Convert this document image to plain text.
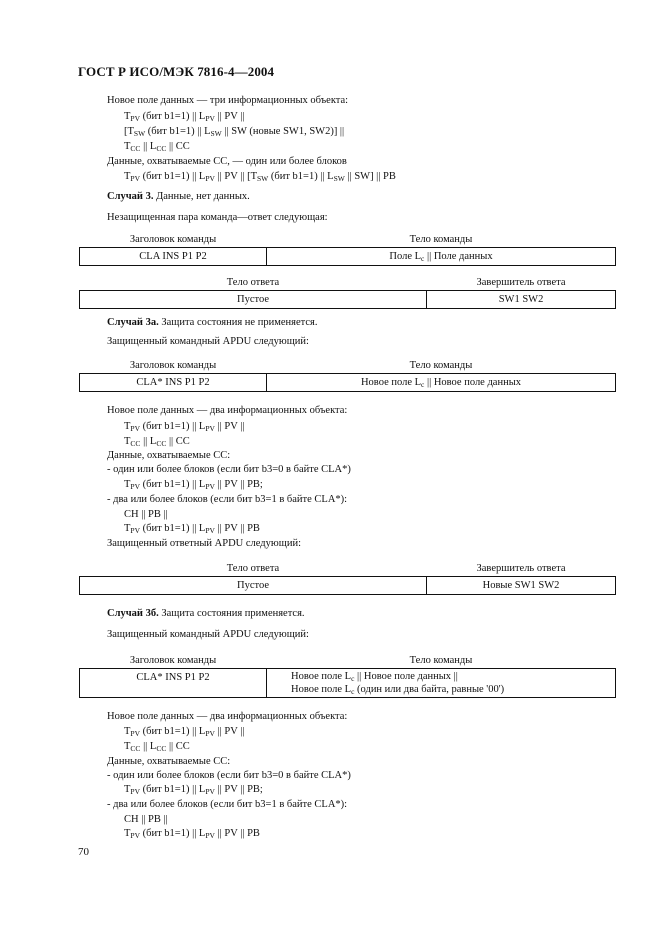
ГОСТ Р ИСО/МЭК 7816-4—2004
Новое поле данных — три информационных объекта:
$T_{PV}$ (бит b1=1) || $L_{PV}$ || PV ||
[$T_{SW}$ (бит b1=1) || $L_{SW}$ || SW (новые SW1, SW2)] ||
$T_{CC}$ || $L_{CC}$ || CC
Данные, охватываемые СС, — один или более блоков
$T_{PV}$ (бит b1=1) || $L_{PV}$ || PV || [$T_{SW}$ (бит b1=1) || $L_{SW}$ || SW] || PB
Случай 3. Данные, нет данных.
Незащищенная пара команда—ответ следующая:
Заголовок команды	Тело команды
CLA INS P1 P2	Поле $L_c$ || Поле данных
Тело ответа	Завершитель ответа
Пустое	SW1 SW2
Случай 3а. Защита состояния не применяется.
Защищенный командный APDU следующий:
Заголовок команды	Тело команды
CLA* INS P1 P2	Новое поле $L_c$ || Новое поле данных
Новое поле данных — два информационных объекта:
$T_{PV}$ (бит b1=1) || $L_{PV}$ || PV ||
$T_{CC}$ || $L_{CC}$ || CC
Данные, охватываемые СС:
- один или более блоков (если бит b3=0 в байте CLA*)
$T_{PV}$ (бит b1=1) || $L_{PV}$ || PV || PB;
- два или более блоков (если бит b3=1 в байте CLA*):
CH || PB ||
$T_{PV}$ (бит b1=1) || $L_{PV}$ || PV || PB
Защищенный ответный APDU следующий:
Тело ответа	Завершитель ответа
Пустое	Новые SW1 SW2
Случай 3б. Защита состояния применяется.
Защищенный командный APDU следующий:
Заголовок команды	Тело команды
CLA* INS P1 P2	Новое поле $L_c$ || Новое поле данных ||
Новое поле $L_c$ (один или два байта, равные '00')
Новое поле данных — два информационных объекта:
$T_{PV}$ (бит b1=1) || $L_{PV}$ || PV ||
$T_{CC}$ || $L_{CC}$ || CC
Данные, охватываемые СС:
- один или более блоков (если бит b3=0 в байте CLA*)
$T_{PV}$ (бит b1=1) || $L_{PV}$ || PV || PB;
- два или более блоков (если бит b3=1 в байте CLA*):
CH || PB ||
$T_{PV}$ (бит b1=1) || $L_{PV}$ || PV || PB
70
